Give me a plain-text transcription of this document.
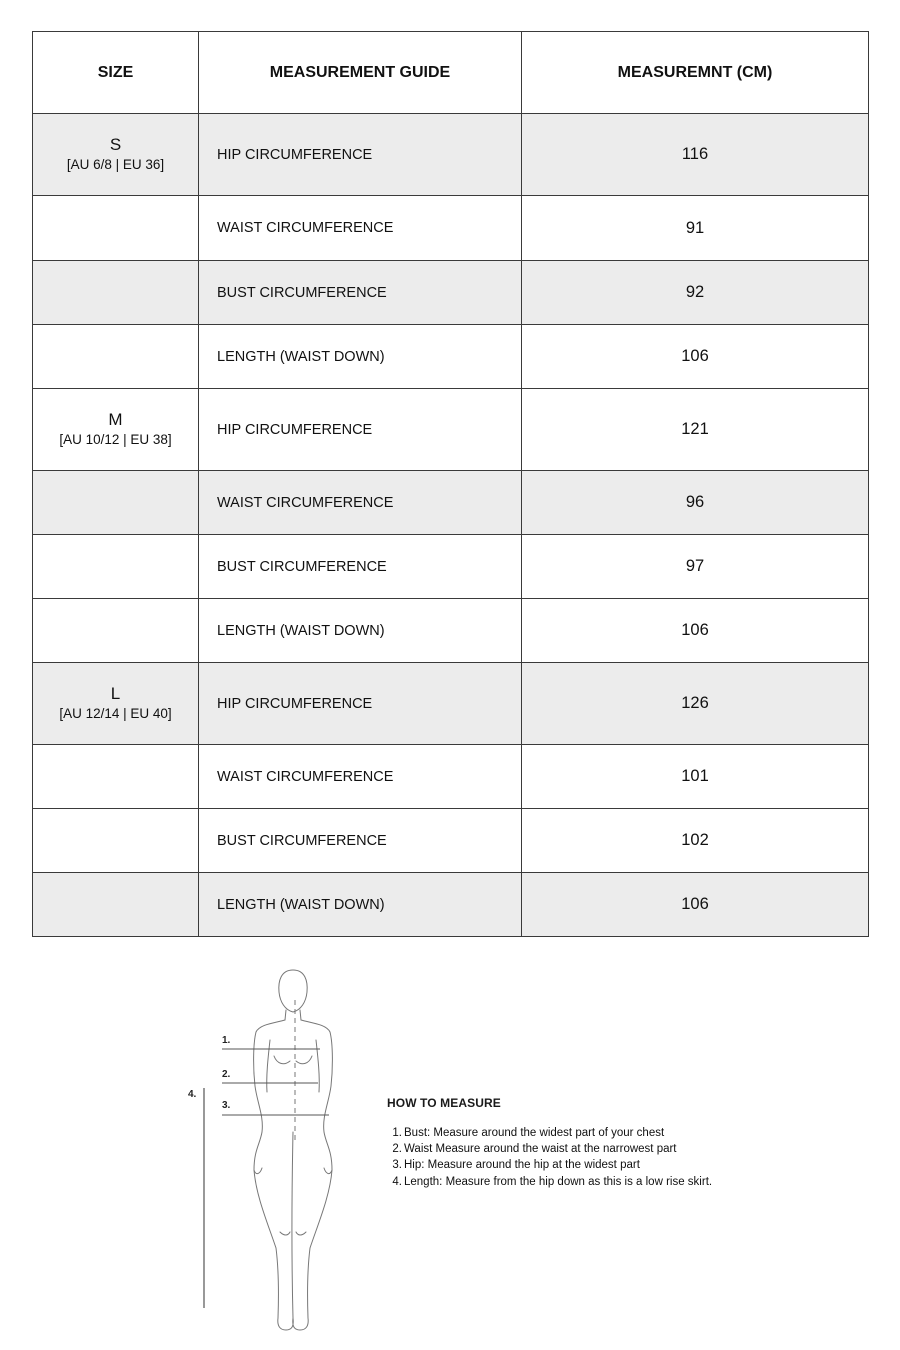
SIZE	MEASUREMENT GUIDE	MEASUREMNT (CM)

S
[AU 6/8 | EU 36]	HIP CIRCUMFERENCE	116
	WAIST CIRCUMFERENCE	91
	BUST CIRCUMFERENCE	92
	LENGTH (WAIST DOWN)	106

M
[AU 10/12 | EU 38]	HIP CIRCUMFERENCE	121
	WAIST CIRCUMFERENCE	96
	BUST CIRCUMFERENCE	97
	LENGTH (WAIST DOWN)	106

L
[AU 12/14 | EU 40]	HIP CIRCUMFERENCE	126
	WAIST CIRCUMFERENCE	101
	BUST CIRCUMFERENCE	102
	LENGTH (WAIST DOWN)	106
1.
2.
3.
4.
HOW TO MEASURE
1. Bust: Measure around the widest part of your chest
2. Waist Measure around the waist at the narrowest part
3. Hip: Measure around the hip at the widest part
4. Length: Measure from the hip down as this is a low rise skirt.
